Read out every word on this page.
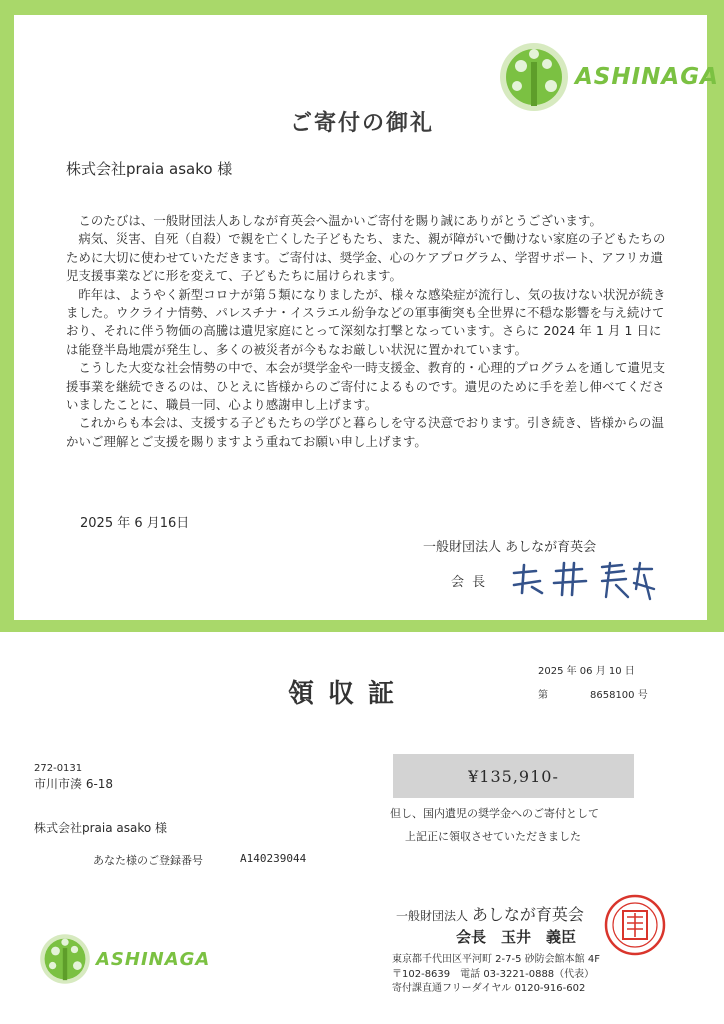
ASHINAGA
ご寄付の御礼
株式会社praia asako 様

このたびは、一般財団法人あしなが育英会へ温かいご寄付を賜り誠にありがとうございます。

病気、災害、自死（自殺）で親を亡くした子どもたち、また、親が障がいで働けない家庭の子どもたちのために大切に使わせていただきます。ご寄付は、奨学金、心のケアプログラム、学習サポート、アフリカ遺児支援事業などに形を変えて、子どもたちに届けられます。

昨年は、ようやく新型コロナが第５類になりましたが、様々な感染症が流行し、気の抜けない状況が続きました。ウクライナ情勢、パレスチナ・イスラエル紛争などの軍事衝突も全世界に不穏な影響を与え続けており、それに伴う物価の高騰は遺児家庭にとって深刻な打撃となっています。さらに 2024 年 1 月 1 日には能登半島地震が発生し、多くの被災者が今もなお厳しい状況に置かれています。

こうした大変な社会情勢の中で、本会が奨学金や一時支援金、教育的・心理的プログラムを通して遺児支援事業を継続できるのは、ひとえに皆様からのご寄付によるものです。遺児のために手を差し伸べてくださいましたことに、職員一同、心より感謝申し上げます。

これからも本会は、支援する子どもたちの学びと暮らしを守る決意でおります。引き続き、皆様からの温かいご理解とご支援を賜りますよう重ねてお願い申し上げます。

2025 年 6 月16日
一般財団法人 あしなが育英会
会 長
領収証
2025 年 06 月 10 日
第	8658100 号
272-0131
市川市湊 6-18
株式会社praia asako 様
あなた様のご登録番号	A140239044
¥135,910-
但し、国内遺児の奨学金へのご寄付として
上記正に領収させていただきました
一般財団法人 あしなが育英会
会長　玉井　義臣
東京都千代田区平河町 2-7-5 砂防会館本館 4F
〒102-8639　電話 03-3221-0888（代表）
寄付課直通フリーダイヤル 0120-916-602
ASHINAGA
